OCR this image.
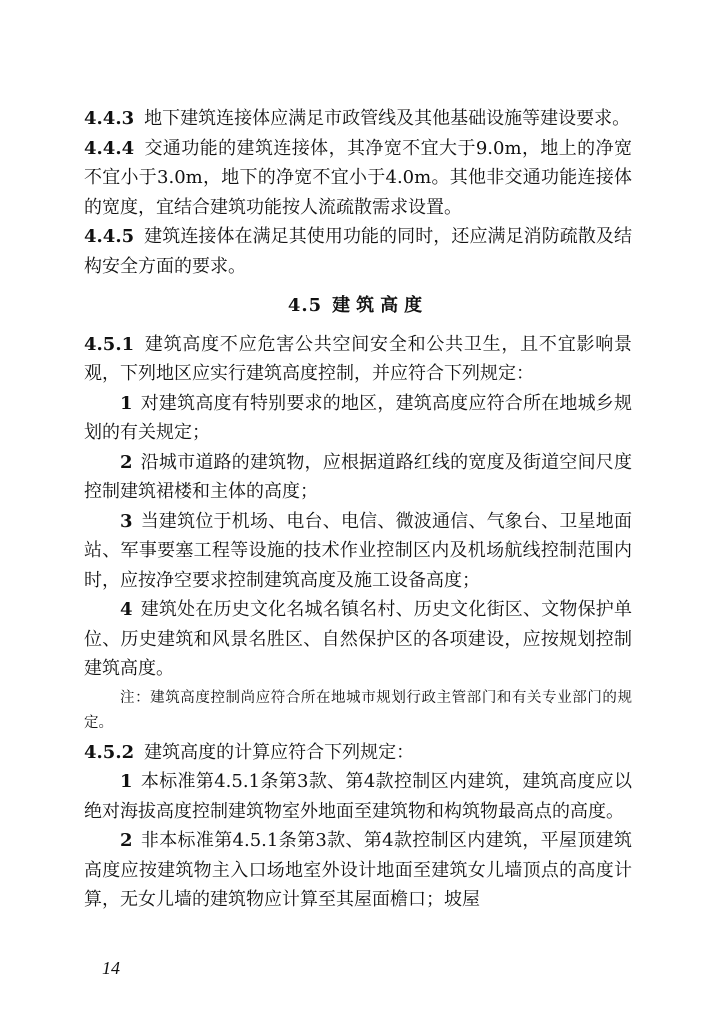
4.4.3 地下建筑连接体应满足市政管线及其他基础设施等建设要求。

4.4.4 交通功能的建筑连接体，其净宽不宜大于9.0m，地上的净宽不宜小于3.0m，地下的净宽不宜小于4.0m。其他非交通功能连接体的宽度，宜结合建筑功能按人流疏散需求设置。

4.4.5 建筑连接体在满足其使用功能的同时，还应满足消防疏散及结构安全方面的要求。

4.5 建筑高度

4.5.1 建筑高度不应危害公共空间安全和公共卫生，且不宜影响景观，下列地区应实行建筑高度控制，并应符合下列规定：

1 对建筑高度有特别要求的地区，建筑高度应符合所在地城乡规划的有关规定；

2 沿城市道路的建筑物，应根据道路红线的宽度及街道空间尺度控制建筑裙楼和主体的高度；

3 当建筑位于机场、电台、电信、微波通信、气象台、卫星地面站、军事要塞工程等设施的技术作业控制区内及机场航线控制范围内时，应按净空要求控制建筑高度及施工设备高度；

4 建筑处在历史文化名城名镇名村、历史文化街区、文物保护单位、历史建筑和风景名胜区、自然保护区的各项建设，应按规划控制建筑高度。

注：建筑高度控制尚应符合所在地城市规划行政主管部门和有关专业部门的规定。

4.5.2 建筑高度的计算应符合下列规定：

1 本标准第4.5.1条第3款、第4款控制区内建筑，建筑高度应以绝对海拔高度控制建筑物室外地面至建筑物和构筑物最高点的高度。

2 非本标准第4.5.1条第3款、第4款控制区内建筑，平屋顶建筑高度应按建筑物主入口场地室外设计地面至建筑女儿墙顶点的高度计算，无女儿墙的建筑物应计算至其屋面檐口；坡屋

14
